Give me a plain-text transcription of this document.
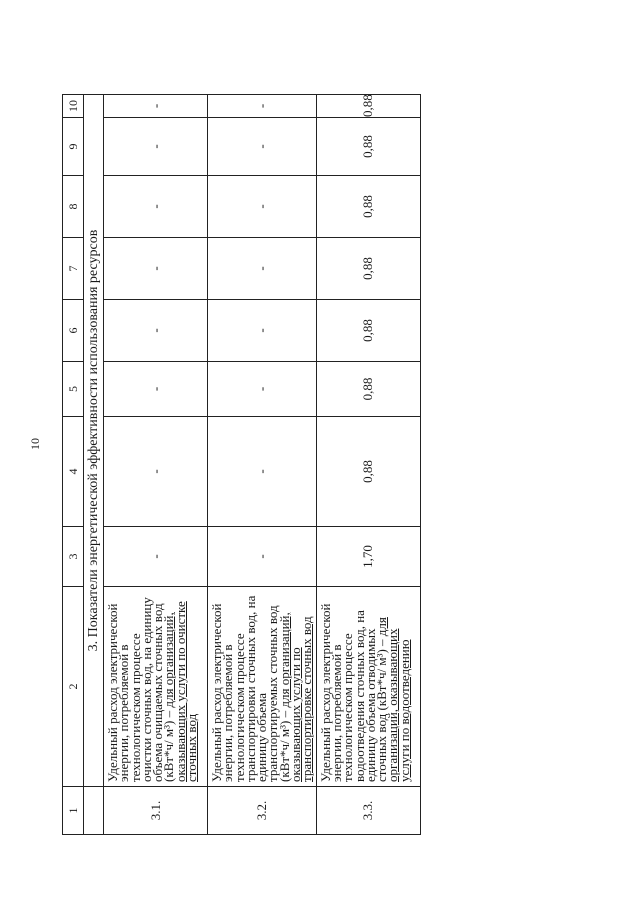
10
1	2	3	4	5	6	7	8	9	10
	3. Показатели энергетической эффективности использования ресурсов								
3.1.	Удельный расход электрической энергии, потребляемой в технологическом процессе очистки сточных вод, на единицу объема очищаемых сточных вод (кВт*ч/ м³) – для организаций, оказывающих услуги по очистке сточных вод	-	-	-	-	-	-	-	-
3.2.	Удельный расход электрической энергии, потребляемой в технологическом процессе транспортировки сточных вод, на единицу объема транспортируемых сточных вод (кВт*ч/ м³) – для организаций, оказывающих услуги по транспортировке сточных вод	-	-	-	-	-	-	-	-
3.3.	Удельный расход электрической энергии, потребляемой в технологическом процессе водоотведения сточных вод, на единицу объема отводимых сточных вод (кВт*ч/ м³) – для организаций, оказывающих услуги по водоотведению	1,70	0,88	0,88	0,88	0,88	0,88	0,88	0,88
